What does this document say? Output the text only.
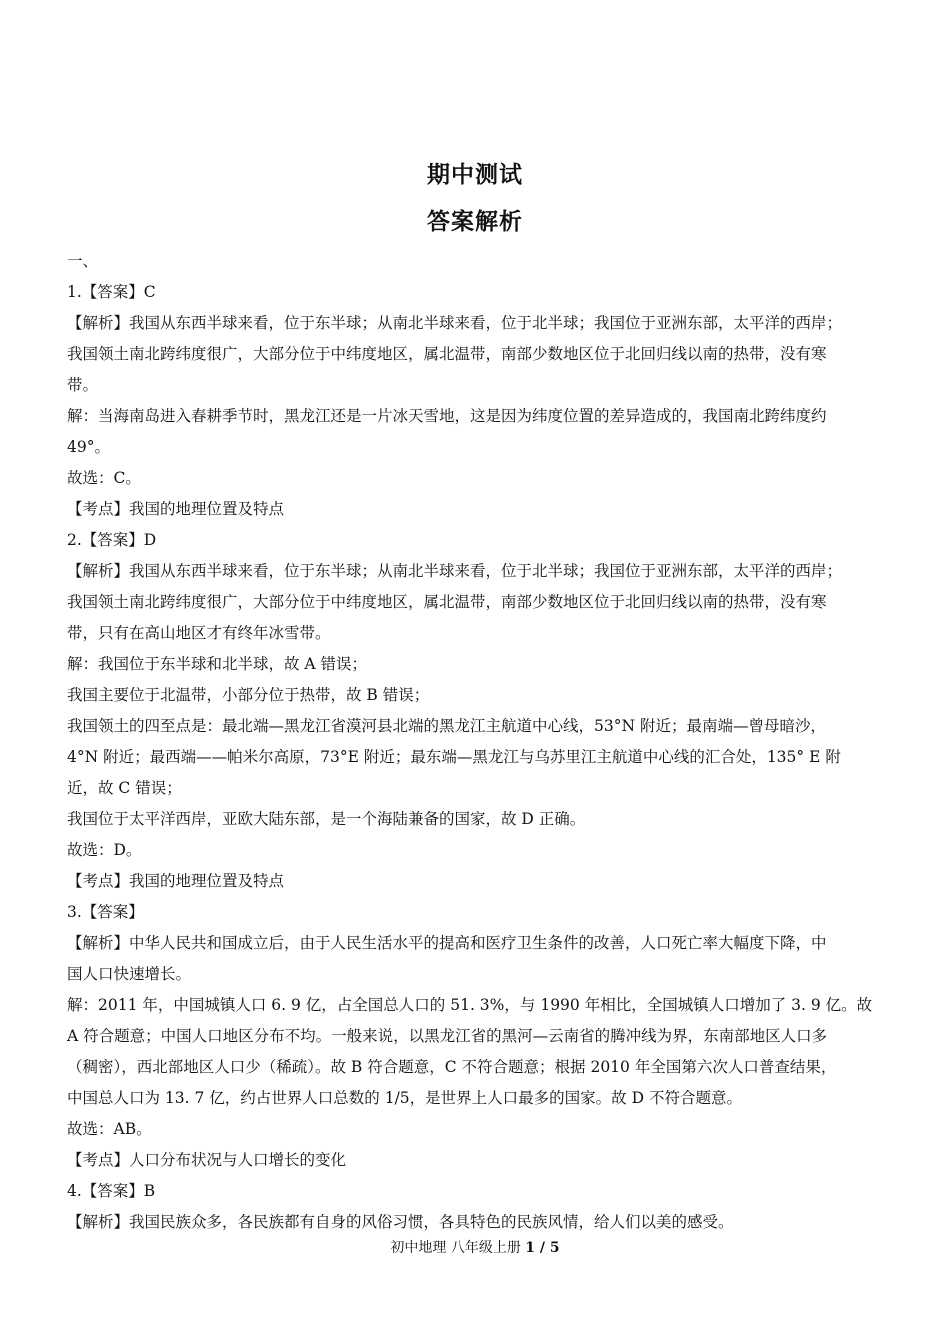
期中测试
答案解析

一、

1.【答案】C

【解析】我国从东西半球来看，位于东半球；从南北半球来看，位于北半球；我国位于亚洲东部，太平洋的西岸；

我国领土南北跨纬度很广，大部分位于中纬度地区，属北温带，南部少数地区位于北回归线以南的热带，没有寒

带。

解：当海南岛进入春耕季节时，黑龙江还是一片冰天雪地，这是因为纬度位置的差异造成的，我国南北跨纬度约

49°。

故选：C。

【考点】我国的地理位置及特点

2.【答案】D

【解析】我国从东西半球来看，位于东半球；从南北半球来看，位于北半球；我国位于亚洲东部，太平洋的西岸；

我国领土南北跨纬度很广，大部分位于中纬度地区，属北温带，南部少数地区位于北回归线以南的热带，没有寒

带，只有在高山地区才有终年冰雪带。

解：我国位于东半球和北半球，故 A 错误；

我国主要位于北温带，小部分位于热带，故 B 错误；

我国领土的四至点是：最北端—黑龙江省漠河县北端的黑龙江主航道中心线，53°N 附近；最南端—曾母暗沙，

4°N 附近；最西端——帕米尔高原，73°E 附近；最东端—黑龙江与乌苏里江主航道中心线的汇合处，135° E 附

近，故 C 错误；

我国位于太平洋西岸，亚欧大陆东部，是一个海陆兼备的国家，故 D 正确。

故选：D。

【考点】我国的地理位置及特点

3.【答案】

【解析】中华人民共和国成立后，由于人民生活水平的提高和医疗卫生条件的改善，人口死亡率大幅度下降，中

国人口快速增长。

解：2011 年，中国城镇人口 6. 9 亿，占全国总人口的 51. 3%，与 1990 年相比，全国城镇人口增加了 3. 9 亿。故

A 符合题意；中国人口地区分布不均。一般来说，以黑龙江省的黑河—云南省的腾冲线为界，东南部地区人口多

（稠密），西北部地区人口少（稀疏）。故 B 符合题意，C 不符合题意；根据 2010 年全国第六次人口普查结果，

中国总人口为 13. 7 亿，约占世界人口总数的 1/5，是世界上人口最多的国家。故 D 不符合题意。

故选：AB。

【考点】人口分布状况与人口增长的变化

4.【答案】B

【解析】我国民族众多，各民族都有自身的风俗习惯，各具特色的民族风情，给人们以美的感受。

初中地理 八年级上册 1 / 5
